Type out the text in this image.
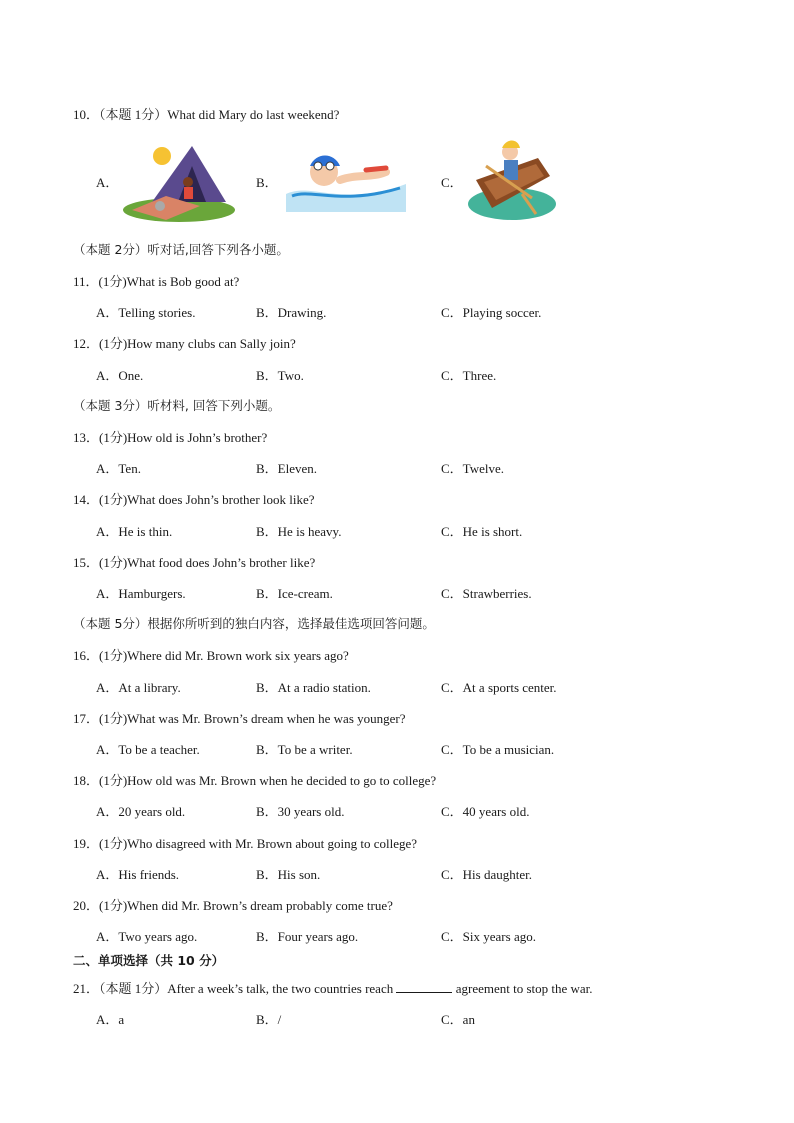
10．（本题 1分）What did Mary do last weekend?
A．	B．	C．
（本题 2分）听对话,回答下列各小题。
11．(1分)What is Bob good at?
A．Telling stories.	B．Drawing.	C．Playing soccer.
12．(1分)How many clubs can Sally join?
A．One.	B．Two.	C．Three.
（本题 3分）听材料, 回答下列小题。
13．(1分)How old is John’s brother?
A．Ten.	B．Eleven.	C．Twelve.
14．(1分)What does John’s brother look like?
A．He is thin.	B．He is heavy.	C．He is short.
15．(1分)What food does John’s brother like?
A．Hamburgers.	B．Ice-cream.	C．Strawberries.
（本题 5分）根据你所听到的独白内容，选择最佳选项回答问题。
16．(1分)Where did Mr. Brown work six years ago?
A．At a library.	B．At a radio station.	C．At a sports center.
17．(1分)What was Mr. Brown’s dream when he was younger?
A．To be a teacher.	B．To be a writer.	C．To be a musician.
18．(1分)How old was Mr. Brown when he decided to go to college?
A．20 years old.	B．30 years old.	C．40 years old.
19．(1分)Who disagreed with Mr. Brown about going to college?
A．His friends.	B．His son.	C．His daughter.
20．(1分)When did Mr. Brown’s dream probably come true?
A．Two years ago.	B．Four years ago.	C．Six years ago.
二、单项选择（共 10 分）
21．（本题 1分）After a week’s talk, the two countries reach	agreement to stop the war.
A．a	B．/	C．an
